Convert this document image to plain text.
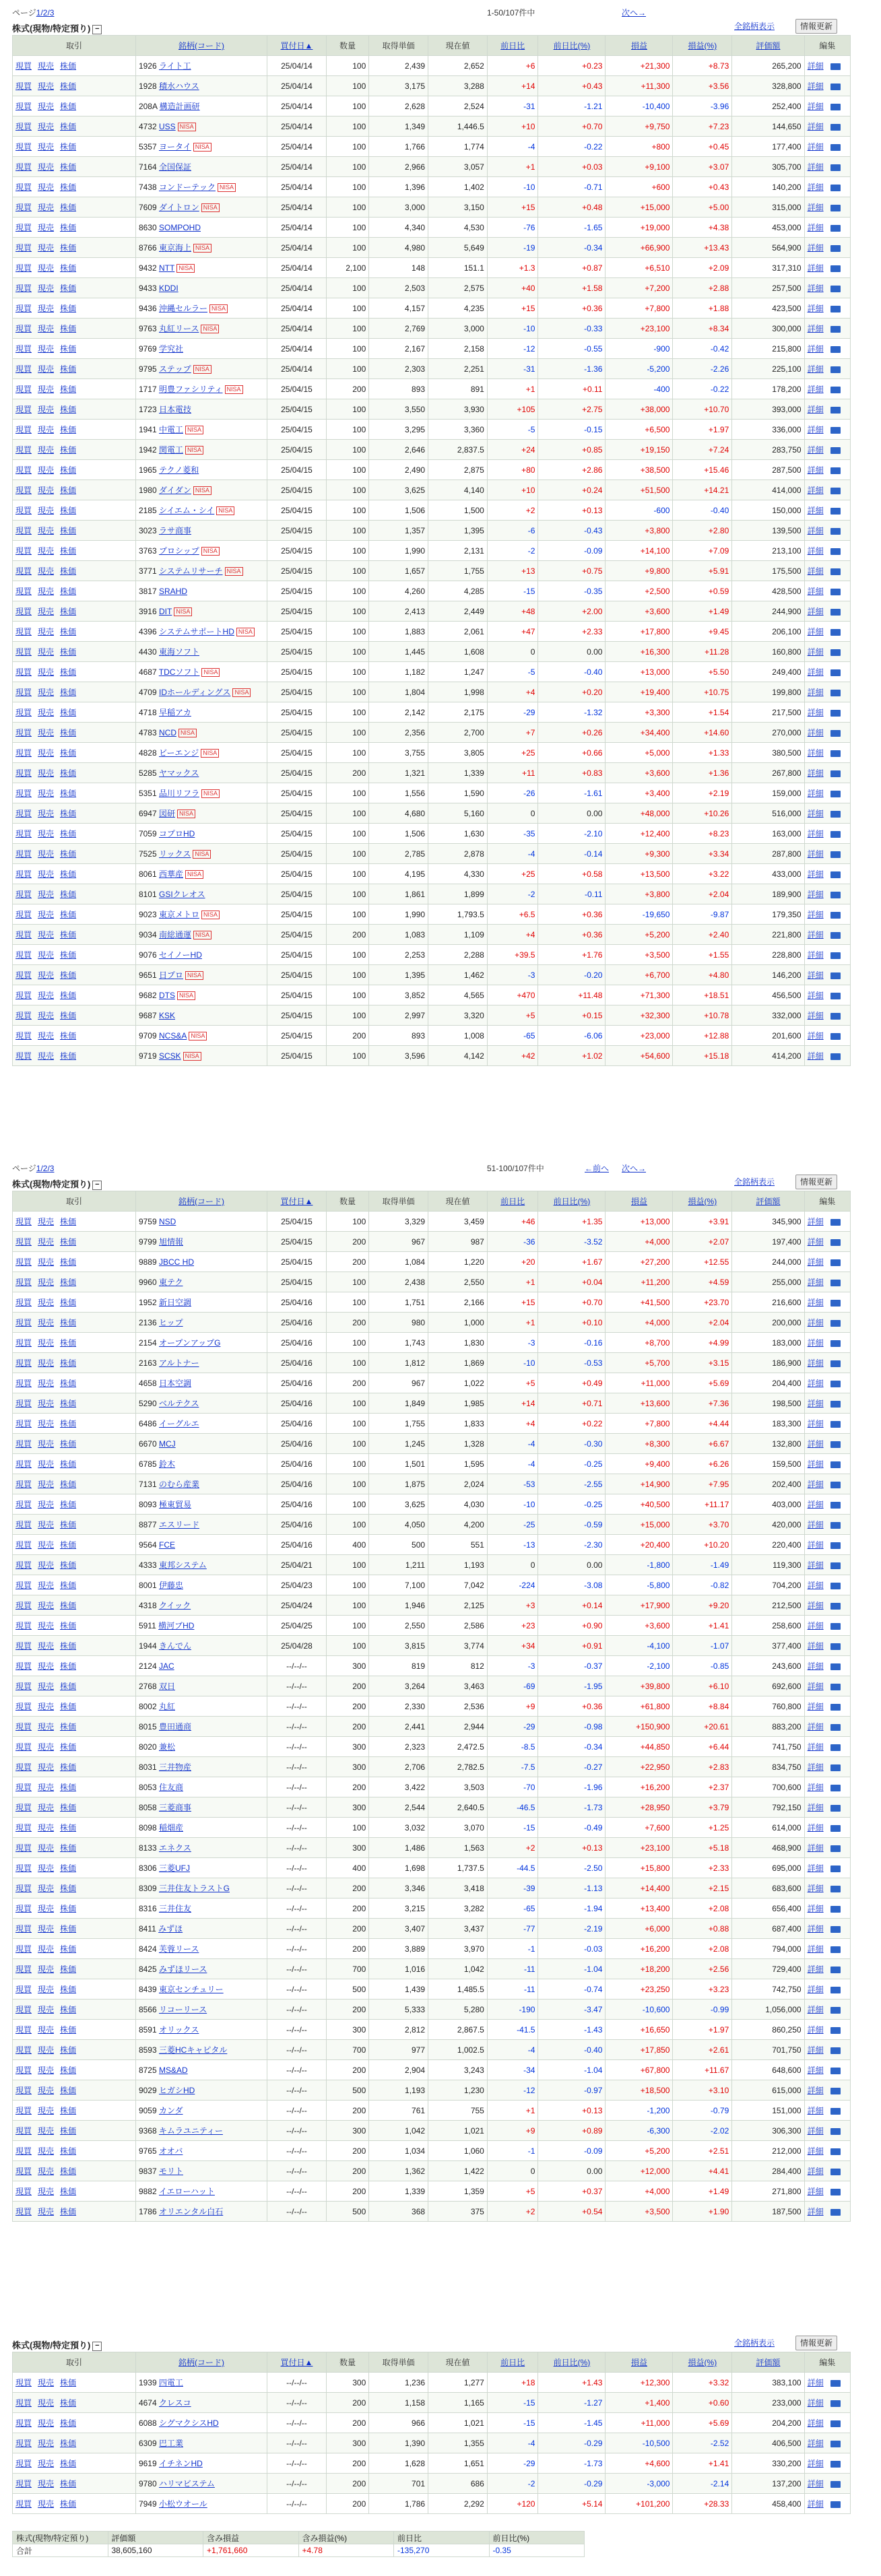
ページ1/2/3	1-50/107件中	次へ→
株式(現物/特定預り) −	全銘柄表示	情報更新
取引	銘柄(コード)	買付日▲	数量	取得単価	現在値	前日比	前日比(%)	損益	損益(%)	評価額	編集
現買 現売 株価	1926 ライト工	25/04/14	100	2,439	2,652	+6	+0.23	+21,300	+8.73	265,200	詳細
現買 現売 株価	1928 積水ハウス	25/04/14	100	3,175	3,288	+14	+0.43	+11,300	+3.56	328,800	詳細
現買 現売 株価	208A 構造計画研	25/04/14	100	2,628	2,524	-31	-1.21	-10,400	-3.96	252,400	詳細
現買 現売 株価	4732 USS NISA	25/04/14	100	1,349	1,446.5	+10	+0.70	+9,750	+7.23	144,650	詳細
現買 現売 株価	5357 ヨータイ NISA	25/04/14	100	1,766	1,774	-4	-0.22	+800	+0.45	177,400	詳細
現買 現売 株価	7164 全国保証	25/04/14	100	2,966	3,057	+1	+0.03	+9,100	+3.07	305,700	詳細
現買 現売 株価	7438 コンドーテック NISA	25/04/14	100	1,396	1,402	-10	-0.71	+600	+0.43	140,200	詳細
現買 現売 株価	7609 ダイトロン NISA	25/04/14	100	3,000	3,150	+15	+0.48	+15,000	+5.00	315,000	詳細
現買 現売 株価	8630 SOMPOHD	25/04/14	100	4,340	4,530	-76	-1.65	+19,000	+4.38	453,000	詳細
現買 現売 株価	8766 東京海上 NISA	25/04/14	100	4,980	5,649	-19	-0.34	+66,900	+13.43	564,900	詳細
現買 現売 株価	9432 NTT NISA	25/04/14	2,100	148	151.1	+1.3	+0.87	+6,510	+2.09	317,310	詳細
現買 現売 株価	9433 KDDI	25/04/14	100	2,503	2,575	+40	+1.58	+7,200	+2.88	257,500	詳細
現買 現売 株価	9436 沖縄セルラー NISA	25/04/14	100	4,157	4,235	+15	+0.36	+7,800	+1.88	423,500	詳細
現買 現売 株価	9763 丸紅リース NISA	25/04/14	100	2,769	3,000	-10	-0.33	+23,100	+8.34	300,000	詳細
現買 現売 株価	9769 学究社	25/04/14	100	2,167	2,158	-12	-0.55	-900	-0.42	215,800	詳細
現買 現売 株価	9795 ステップ NISA	25/04/14	100	2,303	2,251	-31	-1.36	-5,200	-2.26	225,100	詳細
現買 現売 株価	1717 明豊ファシリティ NISA	25/04/15	200	893	891	+1	+0.11	-400	-0.22	178,200	詳細
現買 現売 株価	1723 日本電技	25/04/15	100	3,550	3,930	+105	+2.75	+38,000	+10.70	393,000	詳細
現買 現売 株価	1941 中電工 NISA	25/04/15	100	3,295	3,360	-5	-0.15	+6,500	+1.97	336,000	詳細
現買 現売 株価	1942 関電工 NISA	25/04/15	100	2,646	2,837.5	+24	+0.85	+19,150	+7.24	283,750	詳細
現買 現売 株価	1965 テクノ菱和	25/04/15	100	2,490	2,875	+80	+2.86	+38,500	+15.46	287,500	詳細
現買 現売 株価	1980 ダイダン NISA	25/04/15	100	3,625	4,140	+10	+0.24	+51,500	+14.21	414,000	詳細
現買 現売 株価	2185 シイエム・シイ NISA	25/04/15	100	1,506	1,500	+2	+0.13	-600	-0.40	150,000	詳細
現買 現売 株価	3023 ラサ商事	25/04/15	100	1,357	1,395	-6	-0.43	+3,800	+2.80	139,500	詳細
現買 現売 株価	3763 プロシップ NISA	25/04/15	100	1,990	2,131	-2	-0.09	+14,100	+7.09	213,100	詳細
現買 現売 株価	3771 システムリサーチ NISA	25/04/15	100	1,657	1,755	+13	+0.75	+9,800	+5.91	175,500	詳細
現買 現売 株価	3817 SRAHD	25/04/15	100	4,260	4,285	-15	-0.35	+2,500	+0.59	428,500	詳細
現買 現売 株価	3916 DIT NISA	25/04/15	100	2,413	2,449	+48	+2.00	+3,600	+1.49	244,900	詳細
現買 現売 株価	4396 システムサポートHD NISA	25/04/15	100	1,883	2,061	+47	+2.33	+17,800	+9.45	206,100	詳細
現買 現売 株価	4430 東海ソフト	25/04/15	100	1,445	1,608	0	0.00	+16,300	+11.28	160,800	詳細
現買 現売 株価	4687 TDCソフト NISA	25/04/15	100	1,182	1,247	-5	-0.40	+13,000	+5.50	249,400	詳細
現買 現売 株価	4709 IDホールディングス NISA	25/04/15	100	1,804	1,998	+4	+0.20	+19,400	+10.75	199,800	詳細
現買 現売 株価	4718 早稲アカ	25/04/15	100	2,142	2,175	-29	-1.32	+3,300	+1.54	217,500	詳細
現買 現売 株価	4783 NCD NISA	25/04/15	100	2,356	2,700	+7	+0.26	+34,400	+14.60	270,000	詳細
現買 現売 株価	4828 ビーエンジ NISA	25/04/15	100	3,755	3,805	+25	+0.66	+5,000	+1.33	380,500	詳細
現買 現売 株価	5285 ヤマックス	25/04/15	200	1,321	1,339	+11	+0.83	+3,600	+1.36	267,800	詳細
現買 現売 株価	5351 品川リフラ NISA	25/04/15	100	1,556	1,590	-26	-1.61	+3,400	+2.19	159,000	詳細
現買 現売 株価	6947 図研 NISA	25/04/15	100	4,680	5,160	0	0.00	+48,000	+10.26	516,000	詳細
現買 現売 株価	7059 コプロHD	25/04/15	100	1,506	1,630	-35	-2.10	+12,400	+8.23	163,000	詳細
現買 現売 株価	7525 リックス NISA	25/04/15	100	2,785	2,878	-4	-0.14	+9,300	+3.34	287,800	詳細
現買 現売 株価	8061 西華産 NISA	25/04/15	100	4,195	4,330	+25	+0.58	+13,500	+3.22	433,000	詳細
現買 現売 株価	8101 GSIクレオス	25/04/15	100	1,861	1,899	-2	-0.11	+3,800	+2.04	189,900	詳細
現買 現売 株価	9023 東京メトロ NISA	25/04/15	100	1,990	1,793.5	+6.5	+0.36	-19,650	-9.87	179,350	詳細
現買 現売 株価	9034 南総通運 NISA	25/04/15	200	1,083	1,109	+4	+0.36	+5,200	+2.40	221,800	詳細
現買 現売 株価	9076 セイノーHD	25/04/15	100	2,253	2,288	+39.5	+1.76	+3,500	+1.55	228,800	詳細
現買 現売 株価	9651 日プロ NISA	25/04/15	100	1,395	1,462	-3	-0.20	+6,700	+4.80	146,200	詳細
現買 現売 株価	9682 DTS NISA	25/04/15	100	3,852	4,565	+470	+11.48	+71,300	+18.51	456,500	詳細
現買 現売 株価	9687 KSK	25/04/15	100	2,997	3,320	+5	+0.15	+32,300	+10.78	332,000	詳細
現買 現売 株価	9709 NCS&A NISA	25/04/15	200	893	1,008	-65	-6.06	+23,000	+12.88	201,600	詳細
現買 現売 株価	9719 SCSK NISA	25/04/15	100	3,596	4,142	+42	+1.02	+54,600	+15.18	414,200	詳細
ページ1/2/3	51-100/107件中	←前へ 次へ→
株式(現物/特定預り) −	全銘柄表示	情報更新
取引	銘柄(コード)	買付日▲	数量	取得単価	現在値	前日比	前日比(%)	損益	損益(%)	評価額	編集
現買 現売 株価	9759 NSD	25/04/15	100	3,329	3,459	+46	+1.35	+13,000	+3.91	345,900	詳細
現買 現売 株価	9799 旭情報	25/04/15	200	967	987	-36	-3.52	+4,000	+2.07	197,400	詳細
現買 現売 株価	9889 JBCC HD	25/04/15	200	1,084	1,220	+20	+1.67	+27,200	+12.55	244,000	詳細
現買 現売 株価	9960 東テク	25/04/15	100	2,438	2,550	+1	+0.04	+11,200	+4.59	255,000	詳細
現買 現売 株価	1952 新日空調	25/04/16	100	1,751	2,166	+15	+0.70	+41,500	+23.70	216,600	詳細
現買 現売 株価	2136 ヒップ	25/04/16	200	980	1,000	+1	+0.10	+4,000	+2.04	200,000	詳細
現買 現売 株価	2154 オープンアップG	25/04/16	100	1,743	1,830	-3	-0.16	+8,700	+4.99	183,000	詳細
現買 現売 株価	2163 アルトナー	25/04/16	100	1,812	1,869	-10	-0.53	+5,700	+3.15	186,900	詳細
現買 現売 株価	4658 日本空調	25/04/16	200	967	1,022	+5	+0.49	+11,000	+5.69	204,400	詳細
現買 現売 株価	5290 ベルテクス	25/04/16	100	1,849	1,985	+14	+0.71	+13,600	+7.36	198,500	詳細
現買 現売 株価	6486 イーグルエ	25/04/16	100	1,755	1,833	+4	+0.22	+7,800	+4.44	183,300	詳細
現買 現売 株価	6670 MCJ	25/04/16	100	1,245	1,328	-4	-0.30	+8,300	+6.67	132,800	詳細
現買 現売 株価	6785 鈴木	25/04/16	100	1,501	1,595	-4	-0.25	+9,400	+6.26	159,500	詳細
現買 現売 株価	7131 のむら産業	25/04/16	100	1,875	2,024	-53	-2.55	+14,900	+7.95	202,400	詳細
現買 現売 株価	8093 極東貿易	25/04/16	100	3,625	4,030	-10	-0.25	+40,500	+11.17	403,000	詳細
現買 現売 株価	8877 エスリード	25/04/16	100	4,050	4,200	-25	-0.59	+15,000	+3.70	420,000	詳細
現買 現売 株価	9564 FCE	25/04/16	400	500	551	-13	-2.30	+20,400	+10.20	220,400	詳細
現買 現売 株価	4333 東邦システム	25/04/21	100	1,211	1,193	0	0.00	-1,800	-1.49	119,300	詳細
現買 現売 株価	8001 伊藤忠	25/04/23	100	7,100	7,042	-224	-3.08	-5,800	-0.82	704,200	詳細
現買 現売 株価	4318 クイック	25/04/24	100	1,946	2,125	+3	+0.14	+17,900	+9.20	212,500	詳細
現買 現売 株価	5911 横河ブHD	25/04/25	100	2,550	2,586	+23	+0.90	+3,600	+1.41	258,600	詳細
現買 現売 株価	1944 きんでん	25/04/28	100	3,815	3,774	+34	+0.91	-4,100	-1.07	377,400	詳細
現買 現売 株価	2124 JAC	--/--/--	300	819	812	-3	-0.37	-2,100	-0.85	243,600	詳細
現買 現売 株価	2768 双日	--/--/--	200	3,264	3,463	-69	-1.95	+39,800	+6.10	692,600	詳細
現買 現売 株価	8002 丸紅	--/--/--	200	2,330	2,536	+9	+0.36	+61,800	+8.84	760,800	詳細
現買 現売 株価	8015 豊田通商	--/--/--	200	2,441	2,944	-29	-0.98	+150,900	+20.61	883,200	詳細
現買 現売 株価	8020 兼松	--/--/--	300	2,323	2,472.5	-8.5	-0.34	+44,850	+6.44	741,750	詳細
現買 現売 株価	8031 三井物産	--/--/--	300	2,706	2,782.5	-7.5	-0.27	+22,950	+2.83	834,750	詳細
現買 現売 株価	8053 住友商	--/--/--	200	3,422	3,503	-70	-1.96	+16,200	+2.37	700,600	詳細
現買 現売 株価	8058 三菱商事	--/--/--	300	2,544	2,640.5	-46.5	-1.73	+28,950	+3.79	792,150	詳細
現買 現売 株価	8098 稲畑産	--/--/--	100	3,032	3,070	-15	-0.49	+7,600	+1.25	614,000	詳細
現買 現売 株価	8133 エネクス	--/--/--	300	1,486	1,563	+2	+0.13	+23,100	+5.18	468,900	詳細
現買 現売 株価	8306 三菱UFJ	--/--/--	400	1,698	1,737.5	-44.5	-2.50	+15,800	+2.33	695,000	詳細
現買 現売 株価	8309 三井住友トラストG	--/--/--	200	3,346	3,418	-39	-1.13	+14,400	+2.15	683,600	詳細
現買 現売 株価	8316 三井住友	--/--/--	200	3,215	3,282	-65	-1.94	+13,400	+2.08	656,400	詳細
現買 現売 株価	8411 みずほ	--/--/--	200	3,407	3,437	-77	-2.19	+6,000	+0.88	687,400	詳細
現買 現売 株価	8424 芙蓉リース	--/--/--	200	3,889	3,970	-1	-0.03	+16,200	+2.08	794,000	詳細
現買 現売 株価	8425 みずほリース	--/--/--	700	1,016	1,042	-11	-1.04	+18,200	+2.56	729,400	詳細
現買 現売 株価	8439 東京センチュリー	--/--/--	500	1,439	1,485.5	-11	-0.74	+23,250	+3.23	742,750	詳細
現買 現売 株価	8566 リコーリース	--/--/--	200	5,333	5,280	-190	-3.47	-10,600	-0.99	1,056,000	詳細
現買 現売 株価	8591 オリックス	--/--/--	300	2,812	2,867.5	-41.5	-1.43	+16,650	+1.97	860,250	詳細
現買 現売 株価	8593 三菱HCキャピタル	--/--/--	700	977	1,002.5	-4	-0.40	+17,850	+2.61	701,750	詳細
現買 現売 株価	8725 MS&AD	--/--/--	200	2,904	3,243	-34	-1.04	+67,800	+11.67	648,600	詳細
現買 現売 株価	9029 ヒガシHD	--/--/--	500	1,193	1,230	-12	-0.97	+18,500	+3.10	615,000	詳細
現買 現売 株価	9059 カンダ	--/--/--	200	761	755	+1	+0.13	-1,200	-0.79	151,000	詳細
現買 現売 株価	9368 キムラユニティー	--/--/--	300	1,042	1,021	+9	+0.89	-6,300	-2.02	306,300	詳細
現買 現売 株価	9765 オオバ	--/--/--	200	1,034	1,060	-1	-0.09	+5,200	+2.51	212,000	詳細
現買 現売 株価	9837 モリト	--/--/--	200	1,362	1,422	0	0.00	+12,000	+4.41	284,400	詳細
現買 現売 株価	9882 イエローハット	--/--/--	200	1,339	1,359	+5	+0.37	+4,000	+1.49	271,800	詳細
現買 現売 株価	1786 オリエンタル白石	--/--/--	500	368	375	+2	+0.54	+3,500	+1.90	187,500	詳細
株式(現物/特定預り) −	全銘柄表示	情報更新
取引	銘柄(コード)	買付日▲	数量	取得単価	現在値	前日比	前日比(%)	損益	損益(%)	評価額	編集
現買 現売 株価	1939 四電工	--/--/--	300	1,236	1,277	+18	+1.43	+12,300	+3.32	383,100	詳細
現買 現売 株価	4674 クレスコ	--/--/--	200	1,158	1,165	-15	-1.27	+1,400	+0.60	233,000	詳細
現買 現売 株価	6088 シグマクシスHD	--/--/--	200	966	1,021	-15	-1.45	+11,000	+5.69	204,200	詳細
現買 現売 株価	6309 巴工業	--/--/--	300	1,390	1,355	-4	-0.29	-10,500	-2.52	406,500	詳細
現買 現売 株価	9619 イチネンHD	--/--/--	200	1,628	1,651	-29	-1.73	+4,600	+1.41	330,200	詳細
現買 現売 株価	9780 ハリマビステム	--/--/--	200	701	686	-2	-0.29	-3,000	-2.14	137,200	詳細
現買 現売 株価	7949 小松ウオール	--/--/--	200	1,786	2,292	+120	+5.14	+101,200	+28.33	458,400	詳細
株式(現物/特定預り)	評価額	含み損益	含み損益(%)	前日比	前日比(%)
合計	38,605,160	+1,761,660	+4.78	-135,270	-0.35
